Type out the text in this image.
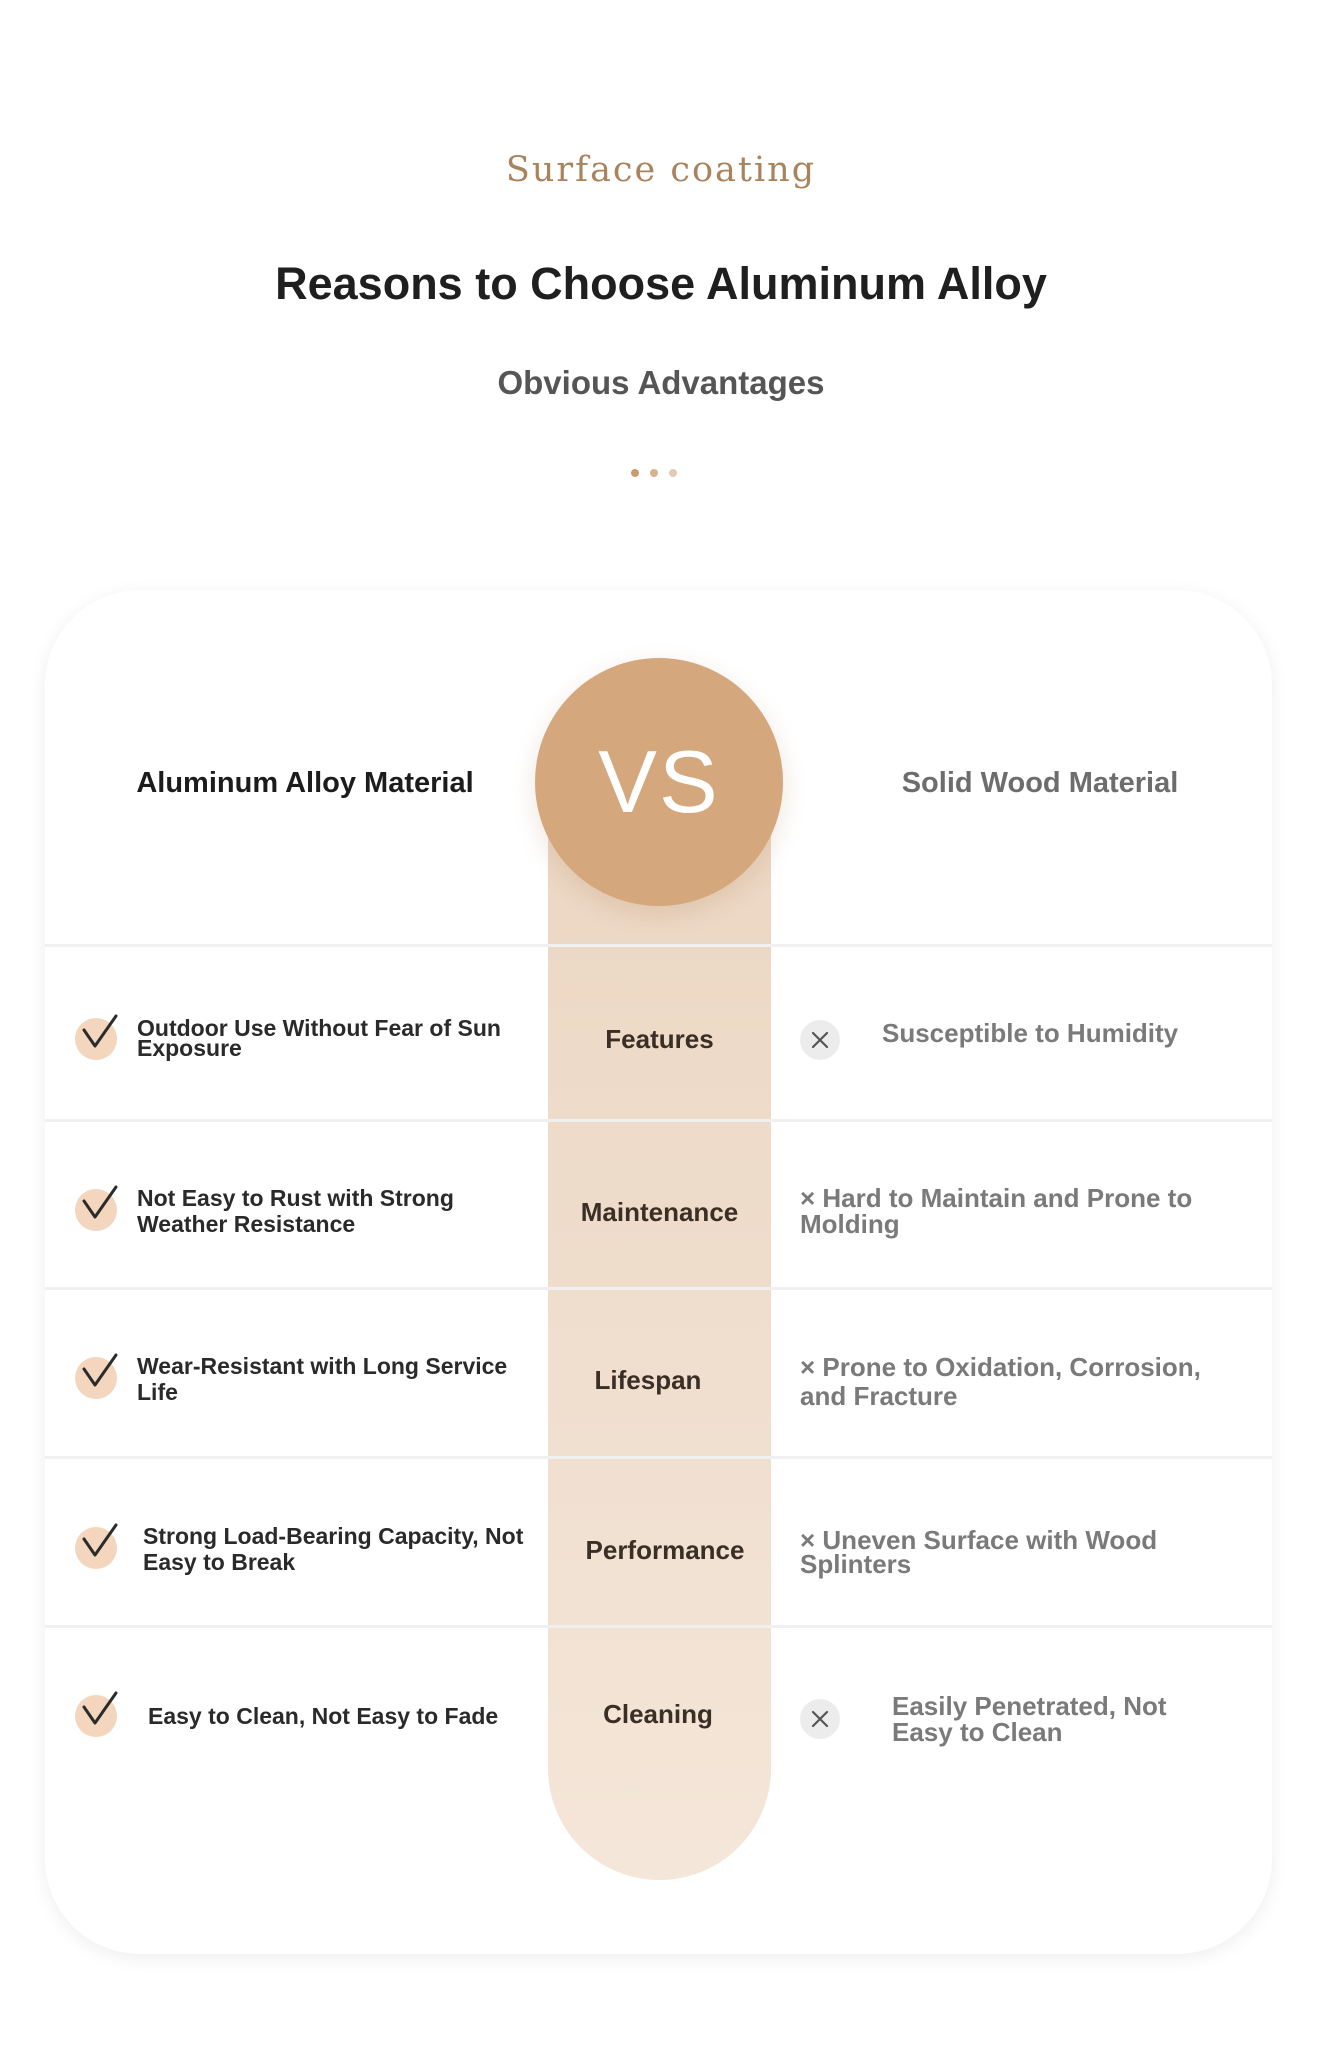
Surface coating
Reasons to Choose Aluminum Alloy
Obvious Advantages
Aluminum Alloy Material	VS	Solid Wood Material
Outdoor Use Without Fear of Sun Exposure	Features	Susceptible to Humidity
Not Easy to Rust with Strong Weather Resistance	Maintenance	× Hard to Maintain and Prone to Molding
Wear-Resistant with Long Service Life	Lifespan	× Prone to Oxidation, Corrosion, and Fracture
Strong Load-Bearing Capacity, Not Easy to Break	Performance	× Uneven Surface with Wood Splinters
Easy to Clean, Not Easy to Fade	Cleaning	Easily Penetrated, Not Easy to Clean
